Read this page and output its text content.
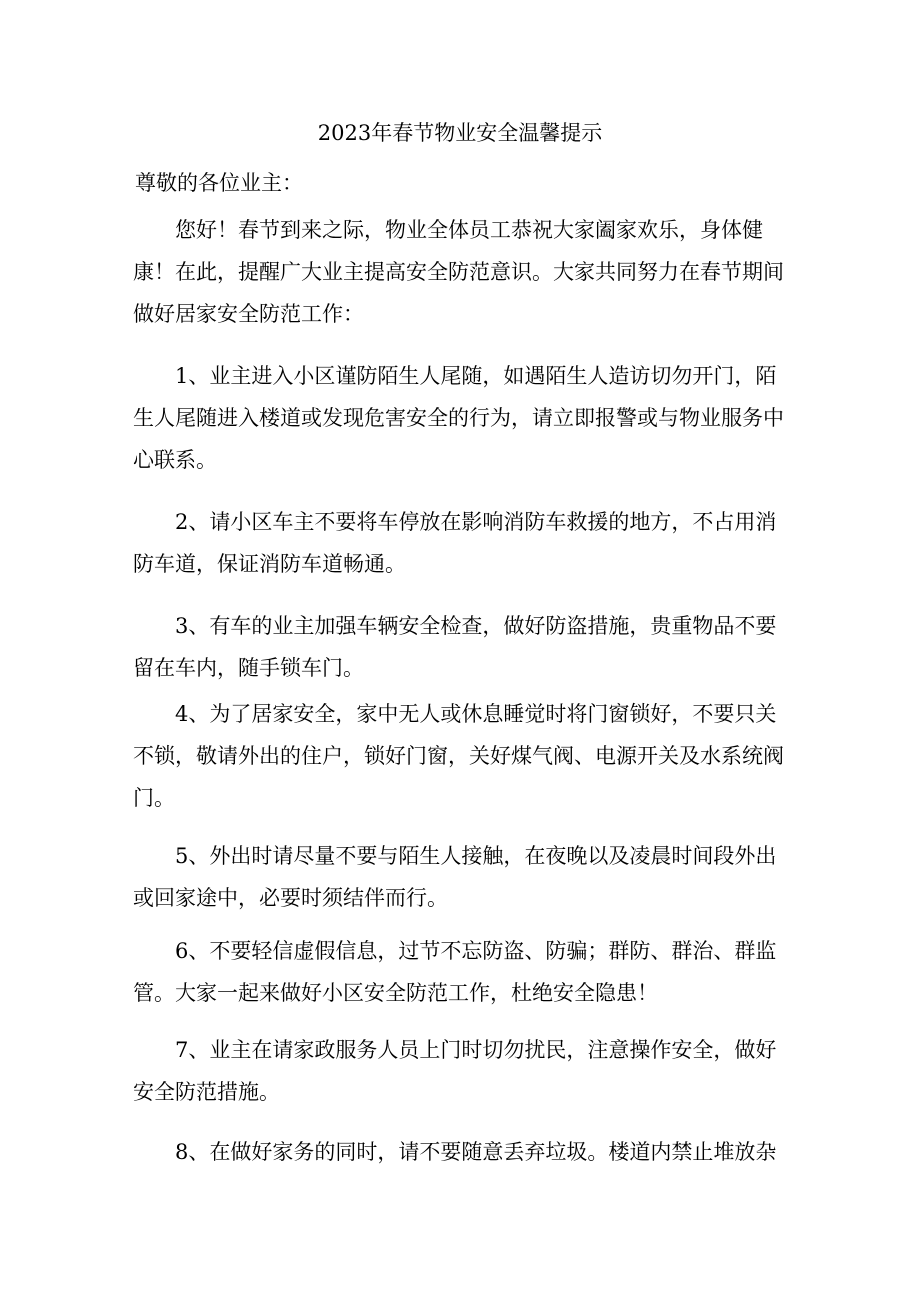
2023年春节物业安全温馨提示

尊敬的各位业主：

您好！春节到来之际，物业全体员工恭祝大家阖家欢乐，身体健康！在此，提醒广大业主提高安全防范意识。大家共同努力在春节期间做好居家安全防范工作：

1、业主进入小区谨防陌生人尾随，如遇陌生人造访切勿开门，陌生人尾随进入楼道或发现危害安全的行为，请立即报警或与物业服务中心联系。

2、请小区车主不要将车停放在影响消防车救援的地方，不占用消防车道，保证消防车道畅通。

3、有车的业主加强车辆安全检查，做好防盗措施，贵重物品不要留在车内，随手锁车门。

4、为了居家安全，家中无人或休息睡觉时将门窗锁好，不要只关不锁，敬请外出的住户，锁好门窗，关好煤气阀、电源开关及水系统阀门。

5、外出时请尽量不要与陌生人接触，在夜晚以及凌晨时间段外出或回家途中，必要时须结伴而行。

6、不要轻信虚假信息，过节不忘防盗、防骗；群防、群治、群监管。大家一起来做好小区安全防范工作，杜绝安全隐患！

7、业主在请家政服务人员上门时切勿扰民，注意操作安全，做好安全防范措施。

8、在做好家务的同时，请不要随意丢弃垃圾。楼道内禁止堆放杂
